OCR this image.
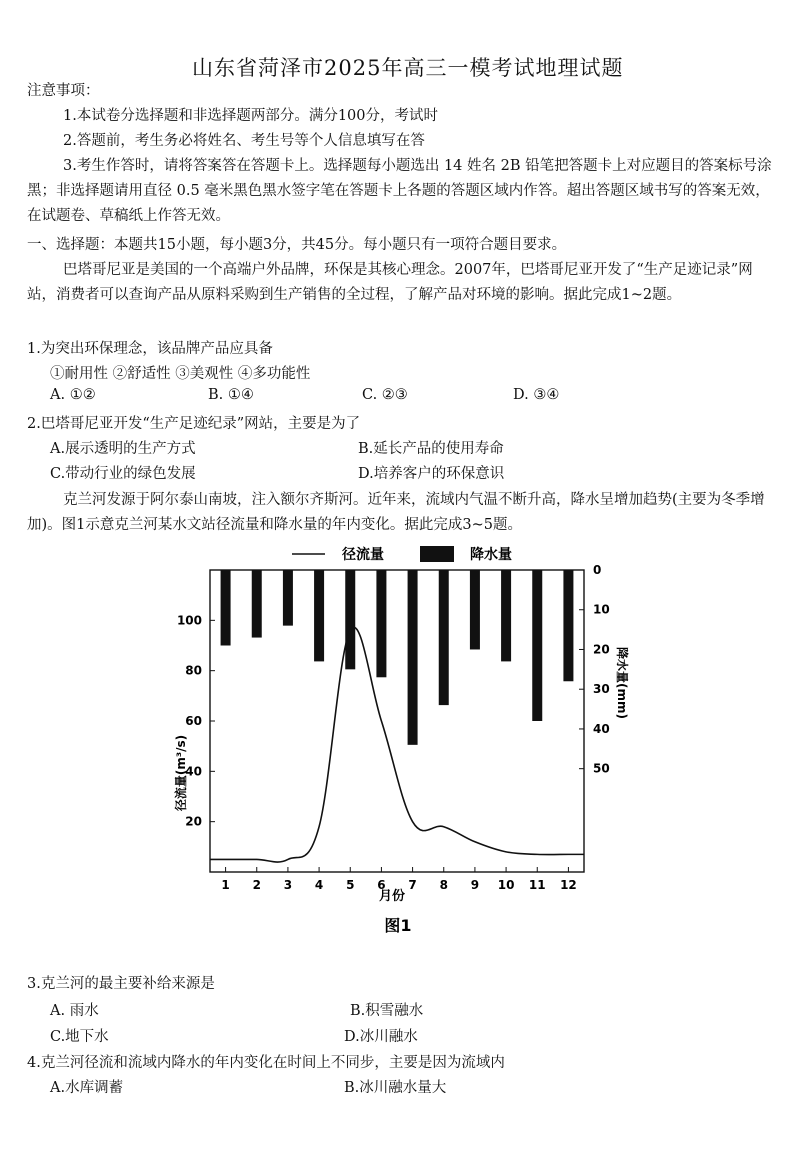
山东省菏泽市2025年高三一模考试地理试题
注意事项：
1.本试卷分选择题和非选择题两部分。满分100分，考试时
2.答题前，考生务必将姓名、考生号等个人信息填写在答
3.考生作答时，请将答案答在答题卡上。选择题每小题选出 14 姓名 2B 铅笔把答题卡上对应题目的答案标号涂黑；非选择题请用直径 0.5 毫米黑色黑水签字笔在答题卡上各题的答题区域内作答。超出答题区域书写的答案无效，在试题卷、草稿纸上作答无效。
一、选择题：本题共15小题，每小题3分，共45分。每小题只有一项符合题目要求。
巴塔哥尼亚是美国的一个高端户外品牌，环保是其核心理念。2007年，巴塔哥尼亚开发了“生产足迹记录”网站，消费者可以查询产品从原料采购到生产销售的全过程，了解产品对环境的影响。据此完成1~2题。
1.为突出环保理念，该品牌产品应具备
①耐用性 ②舒适性 ③美观性 ④多功能性
A. ①②	B. ①④	C. ②③	D. ③④
2.巴塔哥尼亚开发“生产足迹纪录”网站，主要是为了
A.展示透明的生产方式	B.延长产品的使用寿命
C.带动行业的绿色发展	D.培养客户的环保意识
克兰河发源于阿尔泰山南坡，注入额尔齐斯河。近年来，流域内气温不断升高，降水呈增加趋势(主要为冬季增加)。图1示意克兰河某水文站径流量和降水量的年内变化。据此完成3~5题。
径流量	降水量
1 2 3 4 5 6 7 8 9 10 11 12
20
40
60
80
100
0
10
20
30
40
50
月份
径流量(m³/s)
降水量(mm)
图1
3.克兰河的最主要补给来源是
A. 雨水	B.积雪融水
C.地下水	D.冰川融水
4.克兰河径流和流域内降水的年内变化在时间上不同步，主要是因为流域内
A.水库调蓄	B.冰川融水量大
